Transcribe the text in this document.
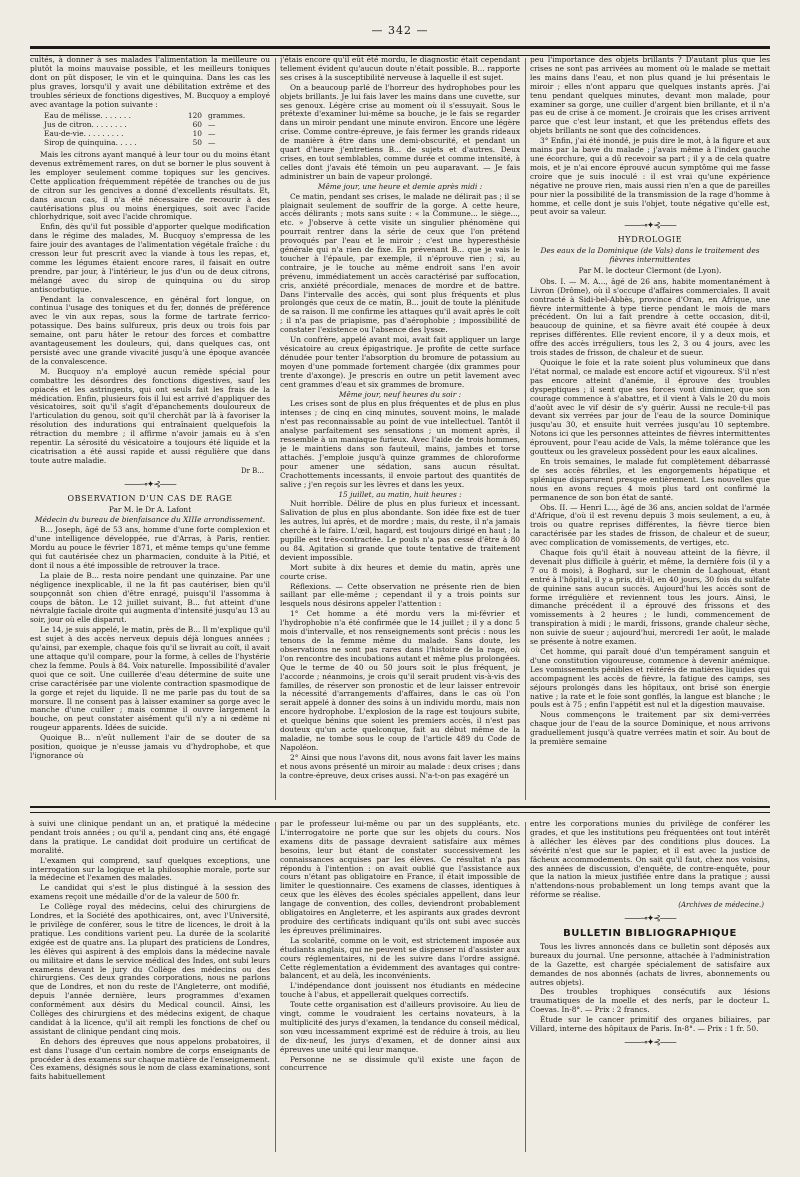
— 342 —

cultés, à donner à ses malades l'alimentation la meilleure ou plutôt la moins mauvaise possible, et les meilleurs toniques dont on pût disposer, le vin et le quinquina. Dans les cas les plus graves, lorsqu'il y avait une débilitation extrême et des troubles sérieux de fonctions digestives, M. Bucquoy a employé avec avantage la potion suivante :

Eau de mélisse. . . . . . .	120 grammes.
Jus de citron. . . . . . . .	60 —
Eau-de-vie. . . . . . . . .	10 —
Sirop de quinquina. . . . .	50 —

Mais les citrons ayant manqué à leur tour ou du moins étant devenus extrêmement rares, on dut se borner le plus souvent à les employer seulement comme topiques sur les gencives. Cette application fréquemment répétée de tranches ou de jus de citron sur les gencives a donné d'excellents résultats. Et, dans aucun cas, il n'a été nécessaire de recourir à des cautérisations plus ou moins énergiques, soit avec l'acide chlorhydrique, soit avec l'acide chromique.

Enfin, dès qu'il fut possible d'apporter quelque modification dans le régime des malades, M. Bucquoy s'empressa de les faire jouir des avantages de l'alimentation végétale fraîche : du cresson leur fut prescrit avec la viande à tous les repas, et, comme les légumes étaient encore rares, il faisait en outre prendre, par jour, à l'intérieur, le jus d'un ou de deux citrons, mélangé avec du sirop de quinquina ou du sirop antiscorbutique.

Pendant la convalescence, en général fort longue, on continua l'usage des toniques et du fer, donnés de préférence avec le vin aux repas, sous la forme de tartrate ferrico-potassique. Des bains sulfureux, pris deux ou trois fois par semaine, ont paru hâter le retour des forces et combattre avantageusement les douleurs, qui, dans quelques cas, ont persisté avec une grande vivacité jusqu'à une époque avancée de la convalescence.

M. Bucquoy n'a employé aucun remède spécial pour combattre les désordres des fonctions digestives, sauf les opiacés et les astringents, qui ont seuls fait les frais de la médication. Enfin, plusieurs fois il lui est arrivé d'appliquer des vésicatoires, soit qu'il s'agît d'épanchements douloureux de l'articulation du genou, soit qu'il cherchât par là à favoriser la résolution des indurations qui entraînaient quelquefois la rétraction du membre ; il affirme n'avoir jamais eu à s'en repentir. La sérosité du vésicatoire a toujours été liquide et la cicatrisation a été aussi rapide et aussi régulière que dans toute autre maladie.

Dr B...
——⊸✦⊰——
OBSERVATION D'UN CAS DE RAGE
Par M. le Dr A. Lafont
Médecin du bureau de bienfaisance du XIIIe arrondissement.

B... Joseph, âgé de 53 ans, homme d'une forte complexion et d'une intelligence développée, rue d'Arras, à Paris, rentier. Mordu au pouce le février 1871, et même temps qu'une femme qui fut cautérisée chez un pharmacien, conduite à la Pitié, et dont il nous a été impossible de retrouver la trace.

La plaie de B... resta noire pendant une quinzaine. Par une négligence inexplicable, il ne la fit pas cautériser, bien qu'il soupçonnât son chien d'être enragé, puisqu'il l'assomma à coups de bâton. Le 12 juillet suivant, B... fut atteint d'une névralgie faciale droite qui augmenta d'intensité jusqu'au 13 au soir, jour où elle disparut.

Le 14, je suis appelé, le matin, près de B... Il m'explique qu'il est sujet à des accès nerveux depuis déjà longues années ; qu'ainsi, par exemple, chaque fois qu'il se livrait au coït, il avait une attaque qu'il compare, pour la forme, à celles de l'hystérie chez la femme. Pouls à 84. Voix naturelle. Impossibilité d'avaler quoi que ce soit. Une cuillerée d'eau détermine de suite une crise caractérisée par une violente contraction spasmodique de la gorge et rejet du liquide. Il ne me parle pas du tout de sa morsure. Il ne consent pas à laisser examiner sa gorge avec le manche d'une cuiller ; mais comme il ouvre largement la bouche, on peut constater aisément qu'il n'y a ni œdème ni rougeur apparents. Idées de suicide.

Quoique B... n'eût nullement l'air de se douter de sa position, quoique je n'eusse jamais vu d'hydrophobe, et que l'ignorance où

j'étais encore qu'il eût été mordu, le diagnostic était cependant tellement évident qu'aucun doute n'était possible. B... rapporte ses crises à la susceptibilité nerveuse à laquelle il est sujet.

On a beaucoup parlé de l'horreur des hydrophobes pour les objets brillants. Je lui fais laver les mains dans une cuvette, sur ses genoux. Légère crise au moment où il s'essuyait. Sous le prétexte d'examiner lui-même sa bouche, je le fais se regarder dans un miroir pendant une minute environ. Encore une légère crise. Comme contre-épreuve, je fais fermer les grands rideaux de manière à être dans une demi-obscurité, et pendant un quart d'heure j'entretiens B... de sujets et d'autres. Deux crises, en tout semblables, comme durée et comme intensité, à celles dont j'avais été témoin un peu auparavant. — Je fais administrer un bain de vapeur prolongé.

Même jour, une heure et demie après midi :

Ce matin, pendant ses crises, le malade ne délirait pas ; il se plaignait seulement de souffrir de la gorge. A cette heure, accès délirants ; mots sans suite : « la Commune... le siège..., etc. » J'observe à cette visite un singulier phénomène qui pourrait rentrer dans la série de ceux que l'on prétend provoqués par l'eau et le miroir ; c'est une hyperesthésie générale qui n'a rien de fixe. En prévenant B... que je vais le toucher à l'épaule, par exemple, il n'éprouve rien ; si, au contraire, je le touche au même endroit sans l'en avoir prévenu, immédiatement un accès caractérisé par suffocation, cris, anxiété précordiale, menaces de mordre et de battre. Dans l'intervalle des accès, qui sont plus fréquents et plus prolongés que ceux de ce matin, B... jouit de toute la plénitude de sa raison. Il me confirme les attaques qu'il avait après le coït ; il n'a pas de priapisme, pas d'aérophobie ; impossibilité de constater l'existence ou l'absence des lyssœ.

Un confrère, appelé avant moi, avait fait appliquer un large vésicatoire au creux épigastrique. Je profite de cette surface dénudée pour tenter l'absorption du bromure de potassium au moyen d'une pommade fortement chargée (dix grammes pour trente d'axonge). Je prescris en outre un petit lavement avec cent grammes d'eau et six grammes de bromure.

Même jour, neuf heures du soir :

Les crises sont de plus en plus fréquentes et de plus en plus intenses ; de cinq en cinq minutes, souvent moins, le malade n'est pas reconnaissable au point de vue intellectuel. Tantôt il analyse parfaitement ses sensations ; un moment après, il ressemble à un maniaque furieux. Avec l'aide de trois hommes, je le maintiens dans son fauteuil, mains, jambes et torse attachés. J'emploie jusqu'à quinze grammes de chloroforme pour amener une sédation, sans aucun résultat. Crachottements incessants, il envoie partout des quantités de salive ; j'en reçois sur les lèvres et dans les yeux.

15 juillet, au matin, huit heures :

Nuit horrible. Délire de plus en plus furieux et incessant. Salivation de plus en plus abondante. Son idée fixe est de tuer les autres, lui après, et de mordre ; mais, du reste, il n'a jamais cherché à le faire. L'œil, hagard, est toujours dirigé en haut ; la pupille est très-contractée. Le pouls n'a pas cessé d'être à 80 ou 84. Agitation si grande que toute tentative de traitement devient impossible.

Mort subite à dix heures et demie du matin, après une courte crise.

Réflexions. — Cette observation ne présente rien de bien saillant par elle-même ; cependant il y a trois points sur lesquels nous désirons appeler l'attention :

1° Cet homme a été mordu vers la mi-février et l'hydrophobie n'a été confirmée que le 14 juillet ; il y a donc 5 mois d'intervalle, et nos renseignements sont précis : nous les tenons de la femme même du malade. Sans doute, les observations ne sont pas rares dans l'histoire de la rage, où l'on rencontre des incubations autant et même plus prolongées. Que le terme de 40 ou 50 jours soit le plus fréquent, je l'accorde ; néanmoins, je crois qu'il serait prudent vis-à-vis des familles, de réserver son pronostic et de leur laisser entrevoir la nécessité d'arrangements d'affaires, dans le cas où l'on serait appelé à donner des soins à un individu mordu, mais non encore hydrophobe. L'explosion de la rage est toujours subite, et quelque bénins que soient les premiers accès, il n'est pas douteux qu'un acte quelconque, fait au début même de la maladie, ne tombe sous le coup de l'article 489 du Code de Napoléon.

2° Ainsi que nous l'avons dit, nous avons fait laver les mains et nous avons présenté un miroir au malade : deux crises ; dans la contre-épreuve, deux crises aussi. N'a-t-on pas exagéré un

peu l'importance des objets brillants ? D'autant plus que les crises ne sont pas arrivées au moment où le malade se mettait les mains dans l'eau, et non plus quand je lui présentais le miroir ; elles n'ont apparu que quelques instants après. J'ai tenu pendant quelques minutes, devant mon malade, pour examiner sa gorge, une cuiller d'argent bien brillante, et il n'a pas eu de crise à ce moment. Je croirais que les crises arrivent parce que c'est leur instant, et que les prétendus effets des objets brillants ne sont que des coïncidences.

3° Enfin, j'ai été inondé, je puis dire le mot, à la figure et aux mains par la bave du malade ; j'avais même à l'index gauche une écorchure, qui a dû recevoir sa part ; il y a de cela quatre mois, et je n'ai encore éprouvé aucun symptôme qui me fasse croire que je suis inoculé : il est vrai qu'une expérience négative ne prouve rien, mais aussi rien n'en a que de pareilles pour nier la possibilité de la transmission de la rage d'homme à homme, et celle dont je suis l'objet, toute négative qu'elle est, peut avoir sa valeur.

——⊸✦⊰——
HYDROLOGIE
Des eaux de la Dominique (de Vals) dans le traitement des fièvres intermittentes
Par M. le docteur Clermont (de Lyon).

Obs. I. — M. A..., âgé de 26 ans, habite momentanément à Livron (Drôme), où il s'occupe d'affaires commerciales. Il avait contracté à Sidi-bel-Abbès, province d'Oran, en Afrique, une fièvre intermittente à type tierce pendant le mois de mars précédent. On lui a fait prendre à cette occasion, dit-il, beaucoup de quinine, et sa fièvre avait été coupée à deux reprises différentes. Elle revient encore, il y a deux mois, et offre des accès irréguliers, tous les 2, 3 ou 4 jours, avec les trois stades de frisson, de chaleur et de sueur.

Quoique le foie et la rate soient plus volumineux que dans l'état normal, ce malade est encore actif et vigoureux. S'il n'est pas encore atteint d'anémie, il éprouve des troubles dyspeptiques ; il sent que ses forces vont diminuer, que son courage commence à s'abattre, et il vient à Vals le 20 du mois d'août avec le vif désir de s'y guérir. Aussi ne recule-t-il pas devant six verrées par jour de l'eau de la source Dominique jusqu'au 30, et ensuite huit verrées jusqu'au 10 septembre. Notons ici que les personnes atteintes de fièvres intermittentes éprouvent, pour l'eau acide de Vals, la même tolérance que les goutteux ou les graveleux possèdent pour les eaux alcalines.

En trois semaines, le malade fut complètement débarrassé de ses accès fébriles, et les engorgements hépatique et splénique disparurent presque entièrement. Les nouvelles que nous en avons reçues 4 mois plus tard ont confirmé la permanence de son bon état de santé.

Obs. II. — Henri L..., âgé de 36 ans, ancien soldat de l'armée d'Afrique, d'où il est revenu depuis 3 mois seulement, a eu, à trois ou quatre reprises différentes, la fièvre tierce bien caractérisée par les stades de frisson, de chaleur et de sueur, avec complication de vomissements, de vertiges, etc.

Chaque fois qu'il était à nouveau atteint de la fièvre, il devenait plus difficile à guérir, et même, la dernière fois (il y a 7 ou 8 mois), à Boghard, sur le chemin de Laghouat, étant entré à l'hôpital, il y a pris, dit-il, en 40 jours, 30 fois du sulfate de quinine sans aucun succès. Aujourd'hui les accès sont de forme irrégulière et reviennent tous les jours. Ainsi, le dimanche précédent il a éprouvé des frissons et des vomissements à 2 heures ; le lundi, commencement de transpiration à midi ; le mardi, frissons, grande chaleur sèche, non suivie de sueur ; aujourd'hui, mercredi 1er août, le malade se présente à notre examen.

Cet homme, qui paraît doué d'un tempérament sanguin et d'une constitution vigoureuse, commence à devenir anémique. Les vomissements pénibles et réitérés de matières liquides qui accompagnent les accès de fièvre, la fatigue des camps, ses séjours prolongés dans les hôpitaux, ont brisé son énergie native ; la rate et le foie sont gonflés, la langue est blanche ; le pouls est à 75 ; enfin l'appétit est nul et la digestion mauvaise.

Nous commençons le traitement par six demi-verrées chaque jour de l'eau de la source Dominique, et nous arrivons graduellement jusqu'à quatre verrées matin et soir. Au bout de la première semaine

à suivi une clinique pendant un an, et pratiqué la médecine pendant trois années ; ou qu'il a, pendant cinq ans, été engagé dans la pratique. Le candidat doit produire un certificat de moralité.

L'examen qui comprend, sauf quelques exceptions, une interrogation sur la logique et la philosophie morale, porte sur la médecine et l'examen des malades.

Le candidat qui s'est le plus distingué à la session des examens reçoit une médaille d'or de la valeur de 500 fr.

Le Collège royal des médecins, celui des chirurgiens de Londres, et la Société des apothicaires, ont, avec l'Université, le privilège de conférer, sous le titre de licences, le droit à la pratique. Les conditions varient peu. La durée de la scolarité exigée est de quatre ans. La plupart des praticiens de Londres, les élèves qui aspirent à des emplois dans la médecine navale ou militaire et dans le service médical des Indes, ont subi leurs examens devant le jury du Collège des médecins ou des chirurgiens. Ces deux grandes corporations, nous ne parlons que de Londres, et non du reste de l'Angleterre, ont modifié, depuis l'année dernière, leurs programmes d'examen conformément aux désirs du Medical council. Ainsi, les Collèges des chirurgiens et des médecins exigent, de chaque candidat à la licence, qu'il ait rempli les fonctions de chef ou assistant de clinique pendant cinq mois.

En dehors des épreuves que nous appelons probatoires, il est dans l'usage d'un certain nombre de corps enseignants de procéder à des examens sur chaque matière de l'enseignement. Ces examens, désignés sous le nom de class examinations, sont faits habituellement

par le professeur lui-même ou par un des suppléants, etc. L'interrogatoire ne porte que sur les objets du cours. Nos examens dits de passage devraient satisfaire aux mêmes besoins, leur but étant de constater successivement les connaissances acquises par les élèves. Ce résultat n'a pas répondu à l'intention : on avait oublié que l'assistance aux cours n'étant pas obligatoire en France, il était impossible de limiter le questionnaire. Ces examens de classes, identiques à ceux que les élèves des écoles spéciales appellent, dans leur langage de convention, des colles, deviendront probablement obligatoires en Angleterre, et les aspirants aux grades devront produire des certificats indiquant qu'ils ont subi avec succès les épreuves préliminaires.

La scolarité, comme on le voit, est strictement imposée aux étudiants anglais, qui ne peuvent se dispenser ni d'assister aux cours réglementaires, ni de les suivre dans l'ordre assigné. Cette réglementation a évidemment des avantages qui contre-balancent, et au delà, les inconvénients.

L'indépendance dont jouissent nos étudiants en médecine touche à l'abus, et appellerait quelques correctifs.

Toute cette organisation est d'ailleurs provisoire. Au lieu de vingt, comme le voudraient les certains novateurs, à la multiplicité des jurys d'examen, la tendance du conseil médical, son vœu incessamment exprimé est de réduire à trois, au lieu de dix-neuf, les jurys d'examen, et de donner ainsi aux épreuves une unité qui leur manque.

Personne ne se dissimule qu'il existe une façon de concurrence

entre les corporations munies du privilège de conférer les grades, et que les institutions peu fréquentées ont tout intérêt à allécher les élèves par des conditions plus douces. La sévérité n'est que sur le papier, et il est avec la justice de fâcheux accommodements. On sait qu'il faut, chez nos voisins, des années de discussion, d'enquête, de contre-enquête, pour que la nation la mieux justifiée entre dans la pratique ; aussi n'attendons-nous probablement un long temps avant que la réforme se réalise.

(Archives de médecine.)
——⊸✦⊰——
BULLETIN BIBLIOGRAPHIQUE

Tous les livres annoncés dans ce bulletin sont déposés aux bureaux du journal. Une personne, attachée à l'administration de la Gazette, est chargée spécialement de satisfaire aux demandes de nos abonnés (achats de livres, abonnements ou autres objets).

Des troubles trophiques consécutifs aux lésions traumatiques de la moelle et des nerfs, par le docteur L. Coevas. In-8°. — Prix : 2 francs.

Étude sur le cancer primitif des organes biliaires, par Villard, interne des hôpitaux de Paris. In-8°. — Prix : 1 fr. 50.

——⊸✦⊰——
